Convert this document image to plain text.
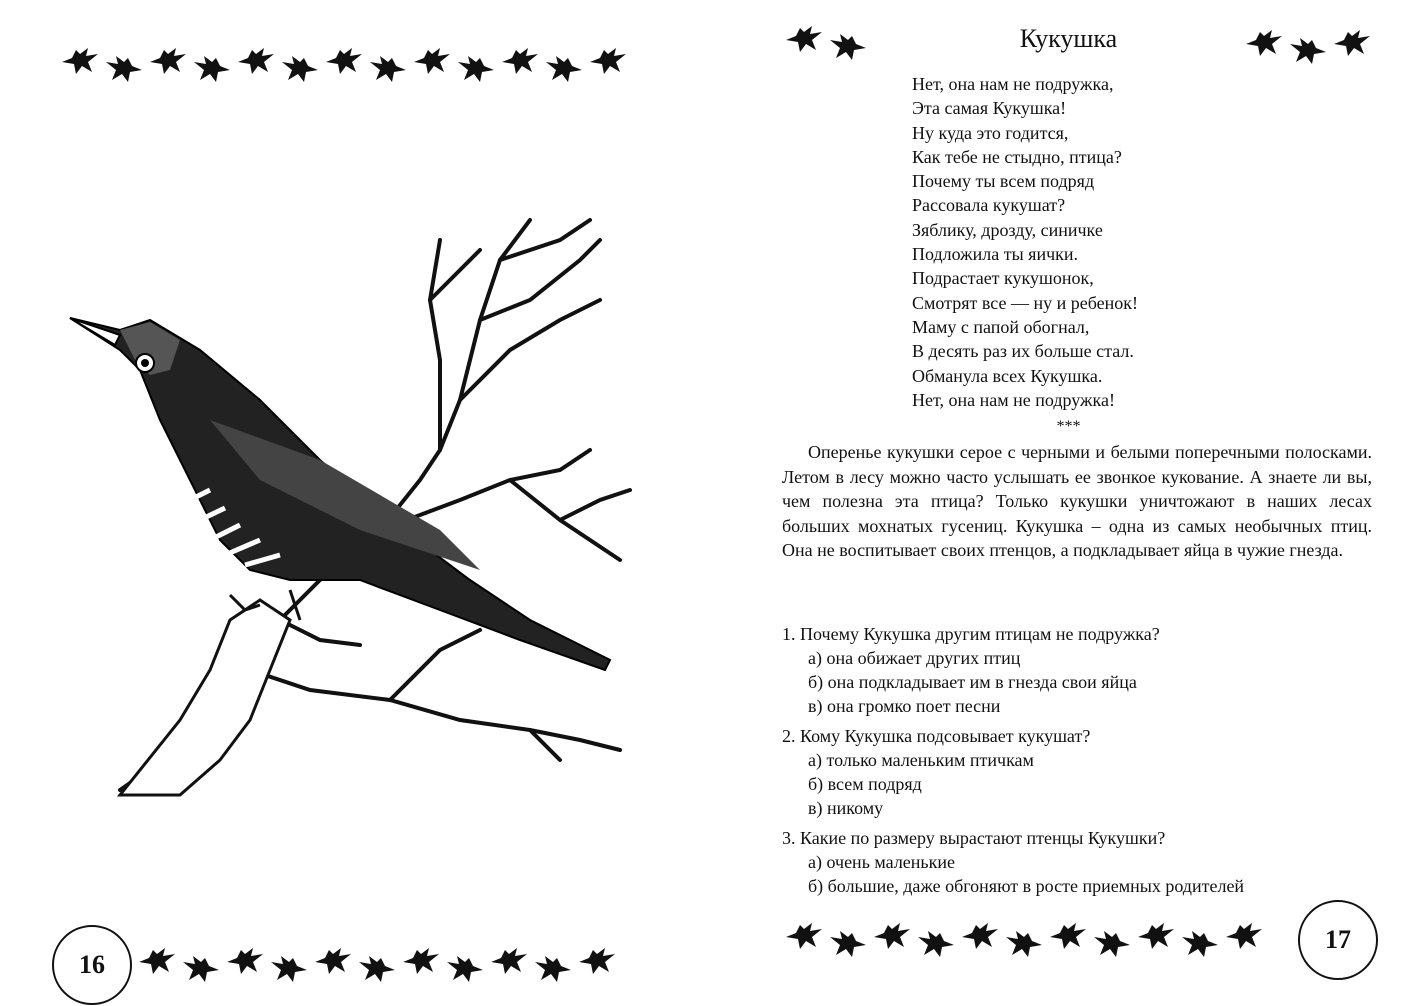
16
Кукушка
Нет, она нам не подружка,
Эта самая Кукушка!
Ну куда это годится,
Как тебе не стыдно, птица?
Почему ты всем подряд
Рассовала кукушат?
Зяблику, дрозду, синичке
Подложила ты яички.
Подрастает кукушонок,
Смотрят все — ну и ребенок!
Маму с папой обогнал,
В десять раз их больше стал.
Обманула всех Кукушка.
Нет, она нам не подружка!
***

Оперенье кукушки серое с черными и белыми поперечными полосками. Летом в лесу можно часто услышать ее звонкое кукование. А знаете ли вы, чем полезна эта птица? Только кукушки уничтожают в наших лесах больших мохнатых гусениц. Кукушка – одна из самых необычных птиц. Она не воспитывает своих птенцов, а подкладывает яйца в чужие гнезда.

1. Почему Кукушка другим птицам не подружка?
а) она обижает других птиц
б) она подкладывает им в гнезда свои яйца
в) она громко поет песни
2. Кому Кукушка подсовывает кукушат?
а) только маленьким птичкам
б) всем подряд
в) никому
3. Какие по размеру вырастают птенцы Кукушки?
а) очень маленькие
б) большие, даже обгоняют в росте приемных родителей
17
